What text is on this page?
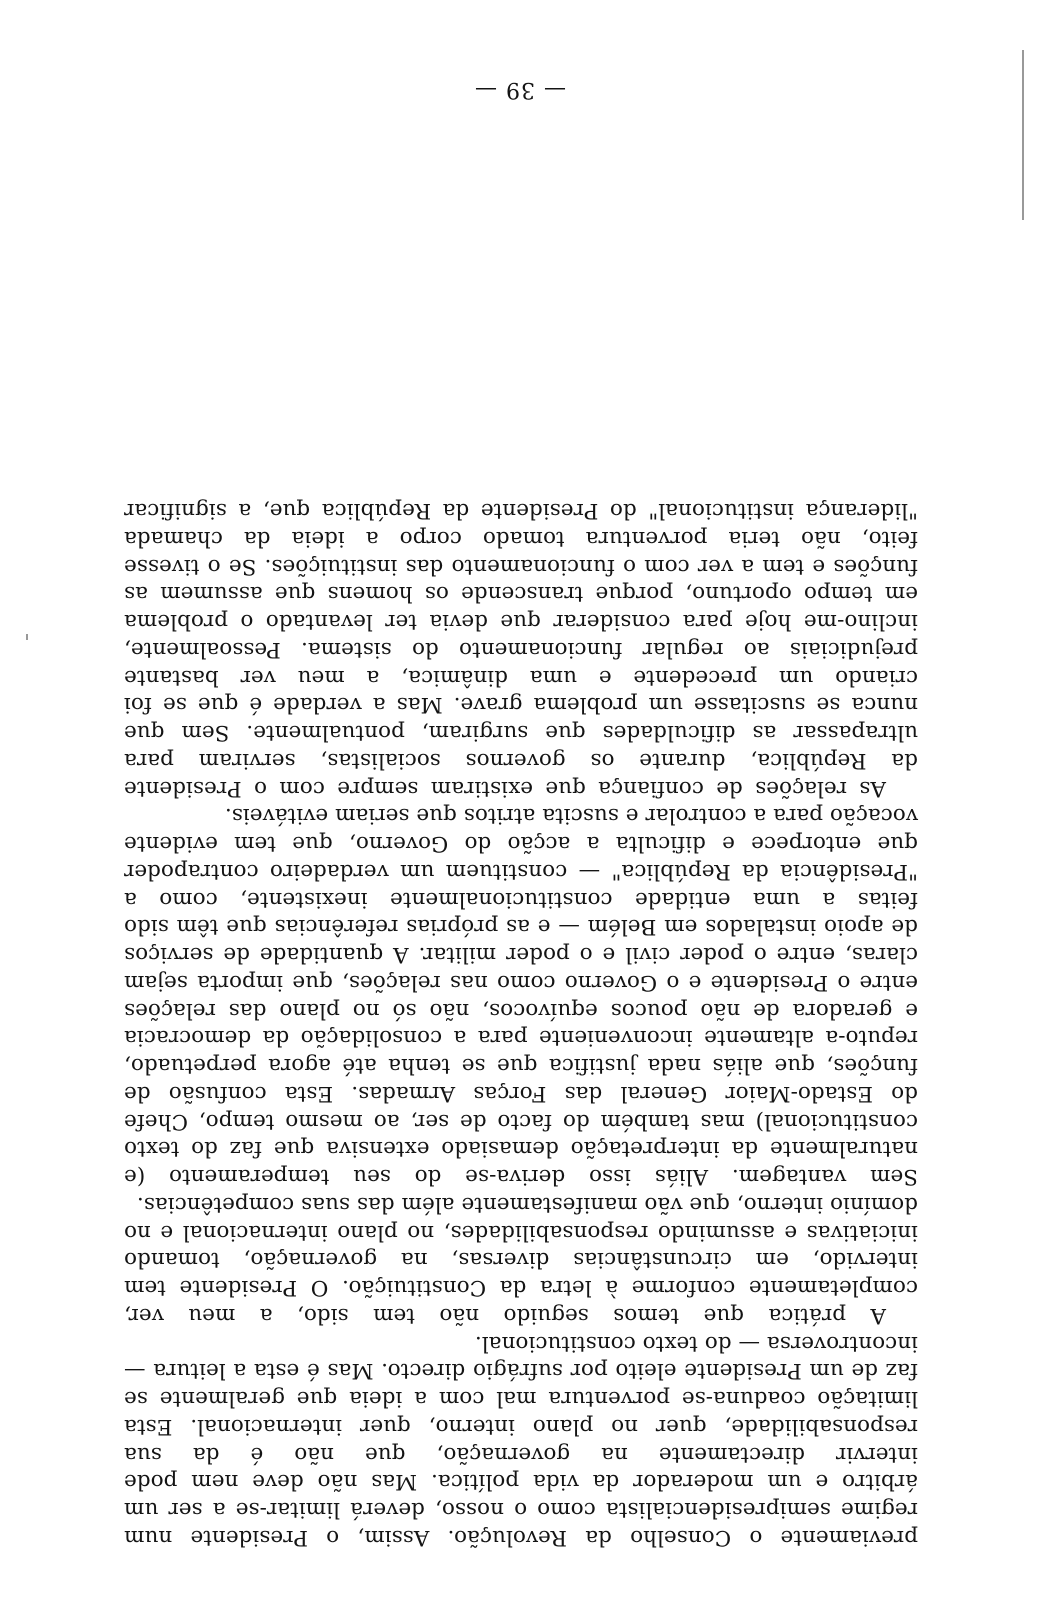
previamente o Conselho da Revolução. Assim, o Presidente num
regime semipresidencialista como o nosso, deverá limitar-se a ser um
árbitro e um moderador da vida política. Mas não deve nem pode
intervir directamente na governação, que não é da sua
responsabilidade, quer no plano interno, quer internacional. Esta
limitação coaduna-se porventura mal com a ideia que geralmente se
faz de um Presidente eleito por sufrágio directo. Mas é esta a leitura —
incontroversa — do texto constitucional.
A prática que temos seguido não tem sido, a meu ver,
completamente conforme à letra da Constituição. O Presidente tem
intervido, em circunstâncias diversas, na governação, tomando
iniciativas e assumindo responsabilidades, no plano internacional e no
domínio interno, que vão manifestamente além das suas competências.
Sem vantagem. Aliás isso deriva-se do seu temperamento (e
naturalmente da interpretação demasiado extensiva que faz do texto
constitucional) mas também do facto de ser, ao mesmo tempo, Chefe
do Estado-Maior General das Forças Armadas. Esta confusão de
funções, que aliás nada justifica que se tenha até agora perpetuado,
reputo-a altamente inconveniente para a consolidação da democracia
e geradora de não poucos equívocos, não só no plano das relações
entre o Presidente e o Governo como nas relações, que importa sejam
claras, entre o poder civil e o poder militar. A quantidade de serviços
de apoio instalados em Belém — e as próprias referências que têm sido
feitas a uma entidade constitucionalmente inexistente, como a
"Presidência da República" — constituem um verdadeiro contrapoder
que entorpece e dificulta a acção do Governo, que tem evidente
vocação para a controlar e suscita atritos que seriam evitáveis.
As relações de confiança que existiram sempre com o Presidente
da República, durante os governos socialistas, serviram para
ultrapassar as dificuldades que surgiram, pontualmente. Sem que
nunca se suscitasse um problema grave. Mas a verdade é que se foi
criando um precedente e uma dinâmica, a meu ver bastante
prejudiciais ao regular funcionamento do sistema. Pessoalmente,
inclino-me hoje para considerar que devia ter levantado o problema
em tempo oportuno, porque transcende os homens que assumem as
funções e tem a ver com o funcionamento das instituições. Se o tivesse
feito, não teria porventura tomado corpo a ideia da chamada
"liderança institucional" do Presidente da República que, a significar
— 39 —
